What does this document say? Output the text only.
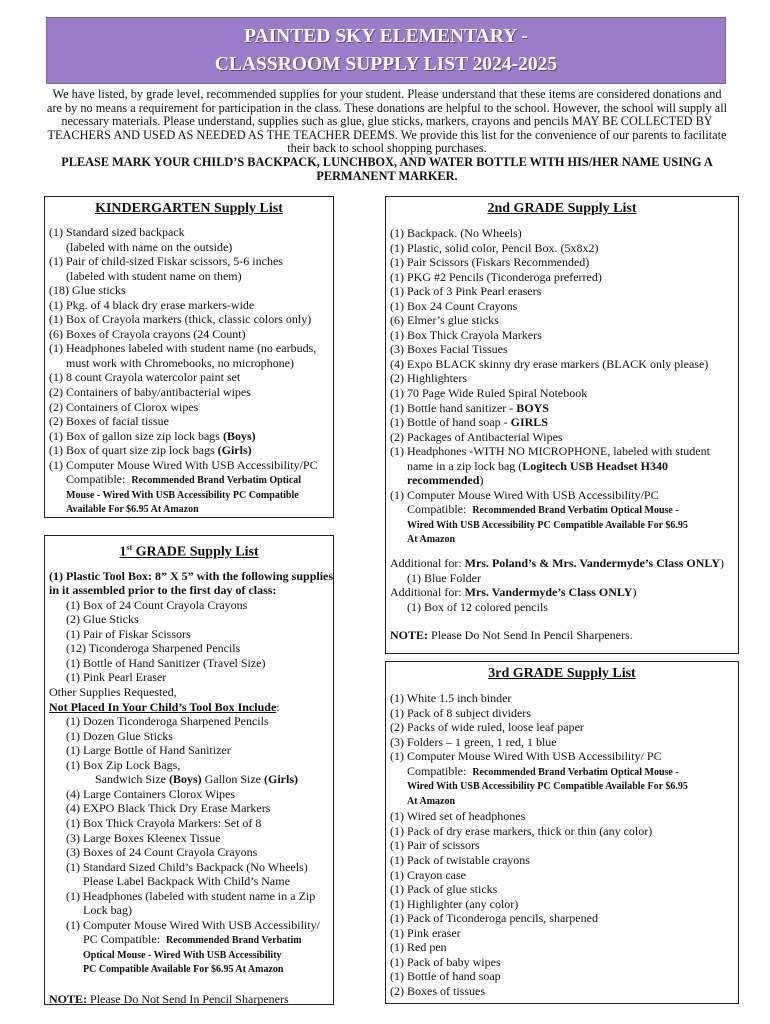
PAINTED SKY ELEMENTARY -
CLASSROOM SUPPLY LIST 2024-2025
We have listed, by grade level, recommended supplies for your student. Please understand that these items are considered donations and are by no means a requirement for participation in the class. These donations are helpful to the school. However, the school will supply all necessary materials. Please understand, supplies such as glue, glue sticks, markers, crayons and pencils MAY BE COLLECTED BY TEACHERS AND USED AS NEEDED AS THE TEACHER DEEMS. We provide this list for the convenience of our parents to facilitate their back to school shopping purchases.
PLEASE MARK YOUR CHILD’S BACKPACK, LUNCHBOX, AND WATER BOTTLE WITH HIS/HER NAME USING A PERMANENT MARKER.
KINDERGARTEN Supply List
(1) Standard sized backpack
(labeled with name on the outside)
(1) Pair of child-sized Fiskar scissors, 5-6 inches
(labeled with student name on them)
(18) Glue sticks
(1) Pkg. of 4 black dry erase markers-wide
(1) Box of Crayola markers (thick, classic colors only)
(6) Boxes of Crayola crayons (24 Count)
(1) Headphones labeled with student name (no earbuds,
must work with Chromebooks, no microphone)
(1) 8 count Crayola watercolor paint set
(2) Containers of baby/antibacterial wipes
(2) Containers of Clorox wipes
(2) Boxes of facial tissue
(1) Box of gallon size zip lock bags (Boys)
(1) Box of quart size zip lock bags (Girls)
(1) Computer Mouse Wired With USB Accessibility/PC
Compatible: Recommended Brand Verbatim Optical
Mouse - Wired With USB Accessibility PC Compatible
Available For $6.95 At Amazon
1st GRADE Supply List
(1) Plastic Tool Box: 8” X 5” with the following supplies
in it assembled prior to the first day of class:
(1) Box of 24 Count Crayola Crayons
(2) Glue Sticks
(1) Pair of Fiskar Scissors
(12) Ticonderoga Sharpened Pencils
(1) Bottle of Hand Sanitizer (Travel Size)
(1) Pink Pearl Eraser
Other Supplies Requested,
Not Placed In Your Child’s Tool Box Include:
(1) Dozen Ticonderoga Sharpened Pencils
(1) Dozen Glue Sticks
(1) Large Bottle of Hand Sanitizer
(1) Box Zip Lock Bags,
Sandwich Size (Boys) Gallon Size (Girls)
(4) Large Containers Clorox Wipes
(4) EXPO Black Thick Dry Erase Markers
(1) Box Thick Crayola Markers: Set of 8
(3) Large Boxes Kleenex Tissue
(3) Boxes of 24 Count Crayola Crayons
(1) Standard Sized Child’s Backpack (No Wheels)
Please Label Backpack With Child’s Name
(1) Headphones (labeled with student name in a Zip
Lock bag)
(1) Computer Mouse Wired With USB Accessibility/
PC Compatible: Recommended Brand Verbatim
Optical Mouse - Wired With USB Accessibility
PC Compatible Available For $6.95 At Amazon
NOTE: Please Do Not Send In Pencil Sharpeners
2nd GRADE Supply List
(1) Backpack. (No Wheels)
(1) Plastic, solid color, Pencil Box. (5x8x2)
(1) Pair Scissors (Fiskars Recommended)
(1) PKG #2 Pencils (Ticonderoga preferred)
(1) Pack of 3 Pink Pearl erasers
(1) Box 24 Count Crayons
(6) Elmer’s glue sticks
(1) Box Thick Crayola Markers
(3) Boxes Facial Tissues
(4) Expo BLACK skinny dry erase markers (BLACK only please)
(2) Highlighters
(1) 70 Page Wide Ruled Spiral Notebook
(1) Bottle hand sanitizer - BOYS
(1) Bottle of hand soap - GIRLS
(2) Packages of Antibacterial Wipes
(1) Headphones -WITH NO MICROPHONE, labeled with student
name in a zip lock bag (Logitech USB Headset H340
recommended)
(1) Computer Mouse Wired With USB Accessibility/PC
Compatible: Recommended Brand Verbatim Optical Mouse -
Wired With USB Accessibility PC Compatible Available For $6.95
At Amazon
Additional for: Mrs. Poland’s & Mrs. Vandermyde’s Class ONLY)
(1) Blue Folder
Additional for: Mrs. Vandermyde’s Class ONLY)
(1) Box of 12 colored pencils
NOTE: Please Do Not Send In Pencil Sharpeners.
3rd GRADE Supply List
(1) White 1.5 inch binder
(1) Pack of 8 subject dividers
(2) Packs of wide ruled, loose leaf paper
(3) Folders – 1 green, 1 red, 1 blue
(1) Computer Mouse Wired With USB Accessibility/ PC
Compatible: Recommended Brand Verbatim Optical Mouse -
Wired With USB Accessibility PC Compatible Available For $6.95
At Amazon
(1) Wired set of headphones
(1) Pack of dry erase markers, thick or thin (any color)
(1) Pair of scissors
(1) Pack of twistable crayons
(1) Crayon case
(1) Pack of glue sticks
(1) Highlighter (any color)
(1) Pack of Ticonderoga pencils, sharpened
(1) Pink eraser
(1) Red pen
(1) Pack of baby wipes
(1) Bottle of hand soap
(2) Boxes of tissues
